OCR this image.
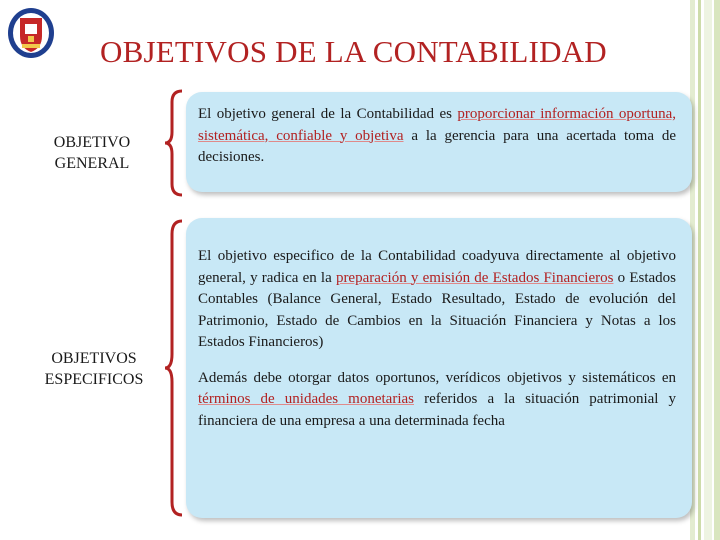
OBJETIVOS DE LA CONTABILIDAD
OBJETIVO
GENERAL
OBJETIVOS
ESPECIFICOS

El objetivo general de la Contabilidad es proporcionar información oportuna, sistemática, confiable y objetiva a la gerencia para una acertada toma de decisiones.

El objetivo especifico de la Contabilidad coadyuva directamente al objetivo general, y radica en la preparación y emisión de Estados Financieros o Estados Contables (Balance General, Estado Resultado, Estado de evolución del Patrimonio, Estado de Cambios en la Situación Financiera y Notas a los Estados Financieros)

Además debe otorgar datos oportunos, verídicos objetivos y sistemáticos en términos de unidades monetarias referidos a la situación patrimonial y financiera de una empresa a una determinada fecha
